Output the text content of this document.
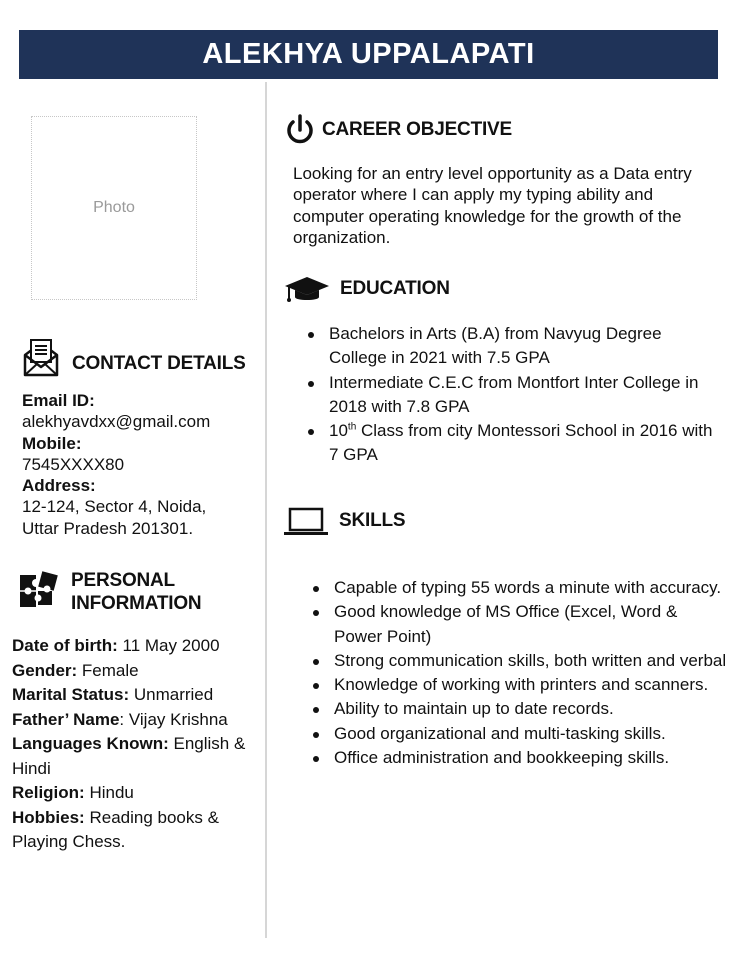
ALEKHYA UPPALAPATI
Photo
CONTACT DETAILS
Email ID:
alekhyavdxx@gmail.com
Mobile:
7545XXXX80
Address:
12-124, Sector 4, Noida,
Uttar Pradesh 201301.
PERSONAL
INFORMATION
Date of birth: 11 May 2000
Gender: Female
Marital Status: Unmarried
Father’ Name: Vijay Krishna
Languages Known: English & Hindi
Religion: Hindu
Hobbies: Reading books & Playing Chess.
CAREER OBJECTIVE
Looking for an entry level opportunity as a Data entry operator where I can apply my typing ability and computer operating knowledge for the growth of the organization.
EDUCATION
Bachelors in Arts (B.A) from Navyug Degree College in 2021 with 7.5 GPA
Intermediate C.E.C from Montfort Inter College in 2018 with 7.8 GPA
10th Class from city Montessori School in 2016 with 7 GPA
SKILLS
Capable of typing 55 words a minute with accuracy.
Good knowledge of MS Office (Excel, Word & Power Point)
Strong communication skills, both written and verbal
Knowledge of working with printers and scanners.
Ability to maintain up to date records.
Good organizational and multi-tasking skills.
Office administration and bookkeeping skills.
